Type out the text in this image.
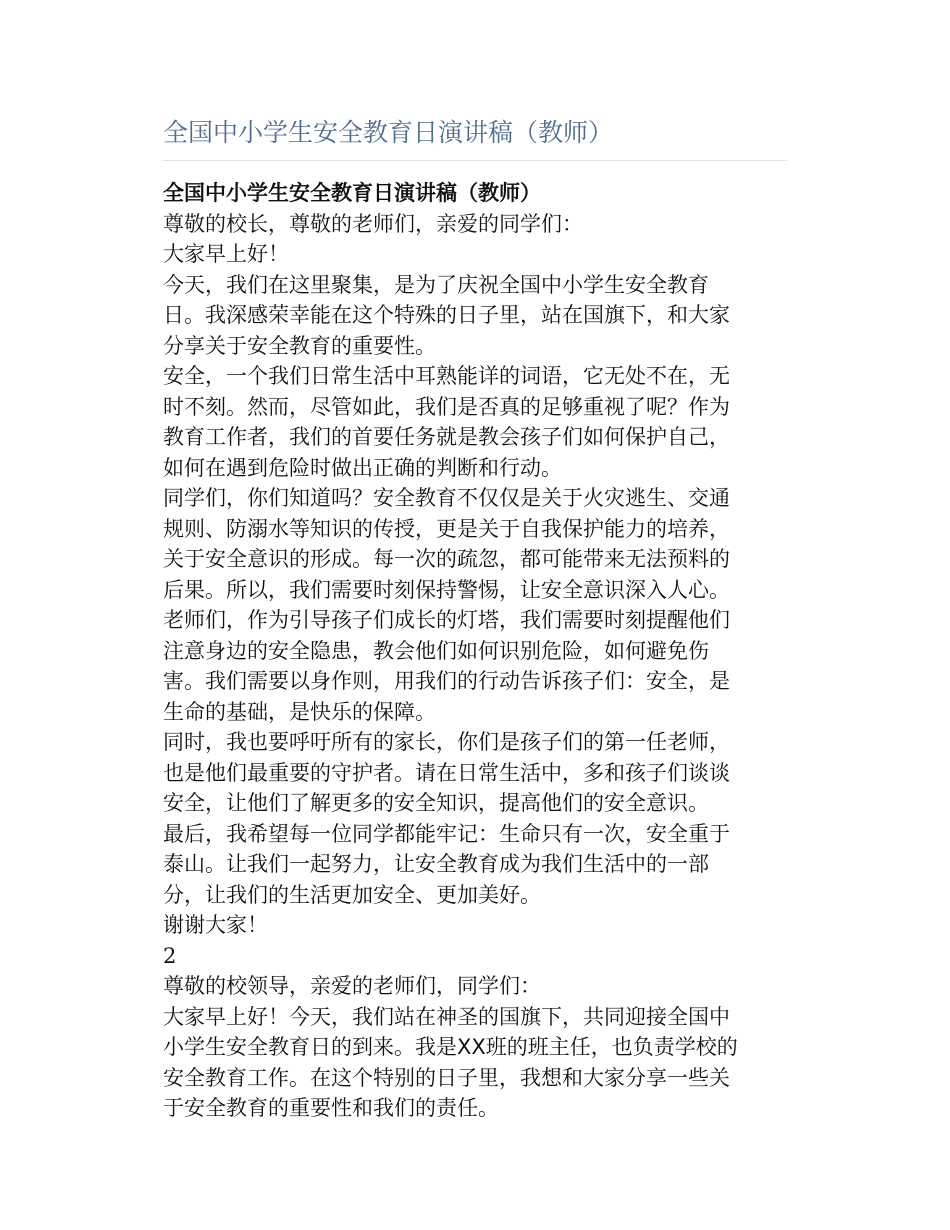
全国中小学生安全教育日演讲稿（教师）
全国中小学生安全教育日演讲稿（教师）
尊敬的校长，尊敬的老师们，亲爱的同学们：
大家早上好！
今天，我们在这里聚集，是为了庆祝全国中小学生安全教育
日。我深感荣幸能在这个特殊的日子里，站在国旗下，和大家
分享关于安全教育的重要性。
安全，一个我们日常生活中耳熟能详的词语，它无处不在，无
时不刻。然而，尽管如此，我们是否真的足够重视了呢？作为
教育工作者，我们的首要任务就是教会孩子们如何保护自己，
如何在遇到危险时做出正确的判断和行动。
同学们，你们知道吗？安全教育不仅仅是关于火灾逃生、交通
规则、防溺水等知识的传授，更是关于自我保护能力的培养，
关于安全意识的形成。每一次的疏忽，都可能带来无法预料的
后果。所以，我们需要时刻保持警惕，让安全意识深入人心。
老师们，作为引导孩子们成长的灯塔，我们需要时刻提醒他们
注意身边的安全隐患，教会他们如何识别危险，如何避免伤
害。我们需要以身作则，用我们的行动告诉孩子们：安全，是
生命的基础，是快乐的保障。
同时，我也要呼吁所有的家长，你们是孩子们的第一任老师，
也是他们最重要的守护者。请在日常生活中，多和孩子们谈谈
安全，让他们了解更多的安全知识，提高他们的安全意识。
最后，我希望每一位同学都能牢记：生命只有一次，安全重于
泰山。让我们一起努力，让安全教育成为我们生活中的一部
分，让我们的生活更加安全、更加美好。
谢谢大家！
2
尊敬的校领导，亲爱的老师们，同学们：
大家早上好！今天，我们站在神圣的国旗下，共同迎接全国中
小学生安全教育日的到来。我是XX班的班主任，也负责学校的
安全教育工作。在这个特别的日子里，我想和大家分享一些关
于安全教育的重要性和我们的责任。
